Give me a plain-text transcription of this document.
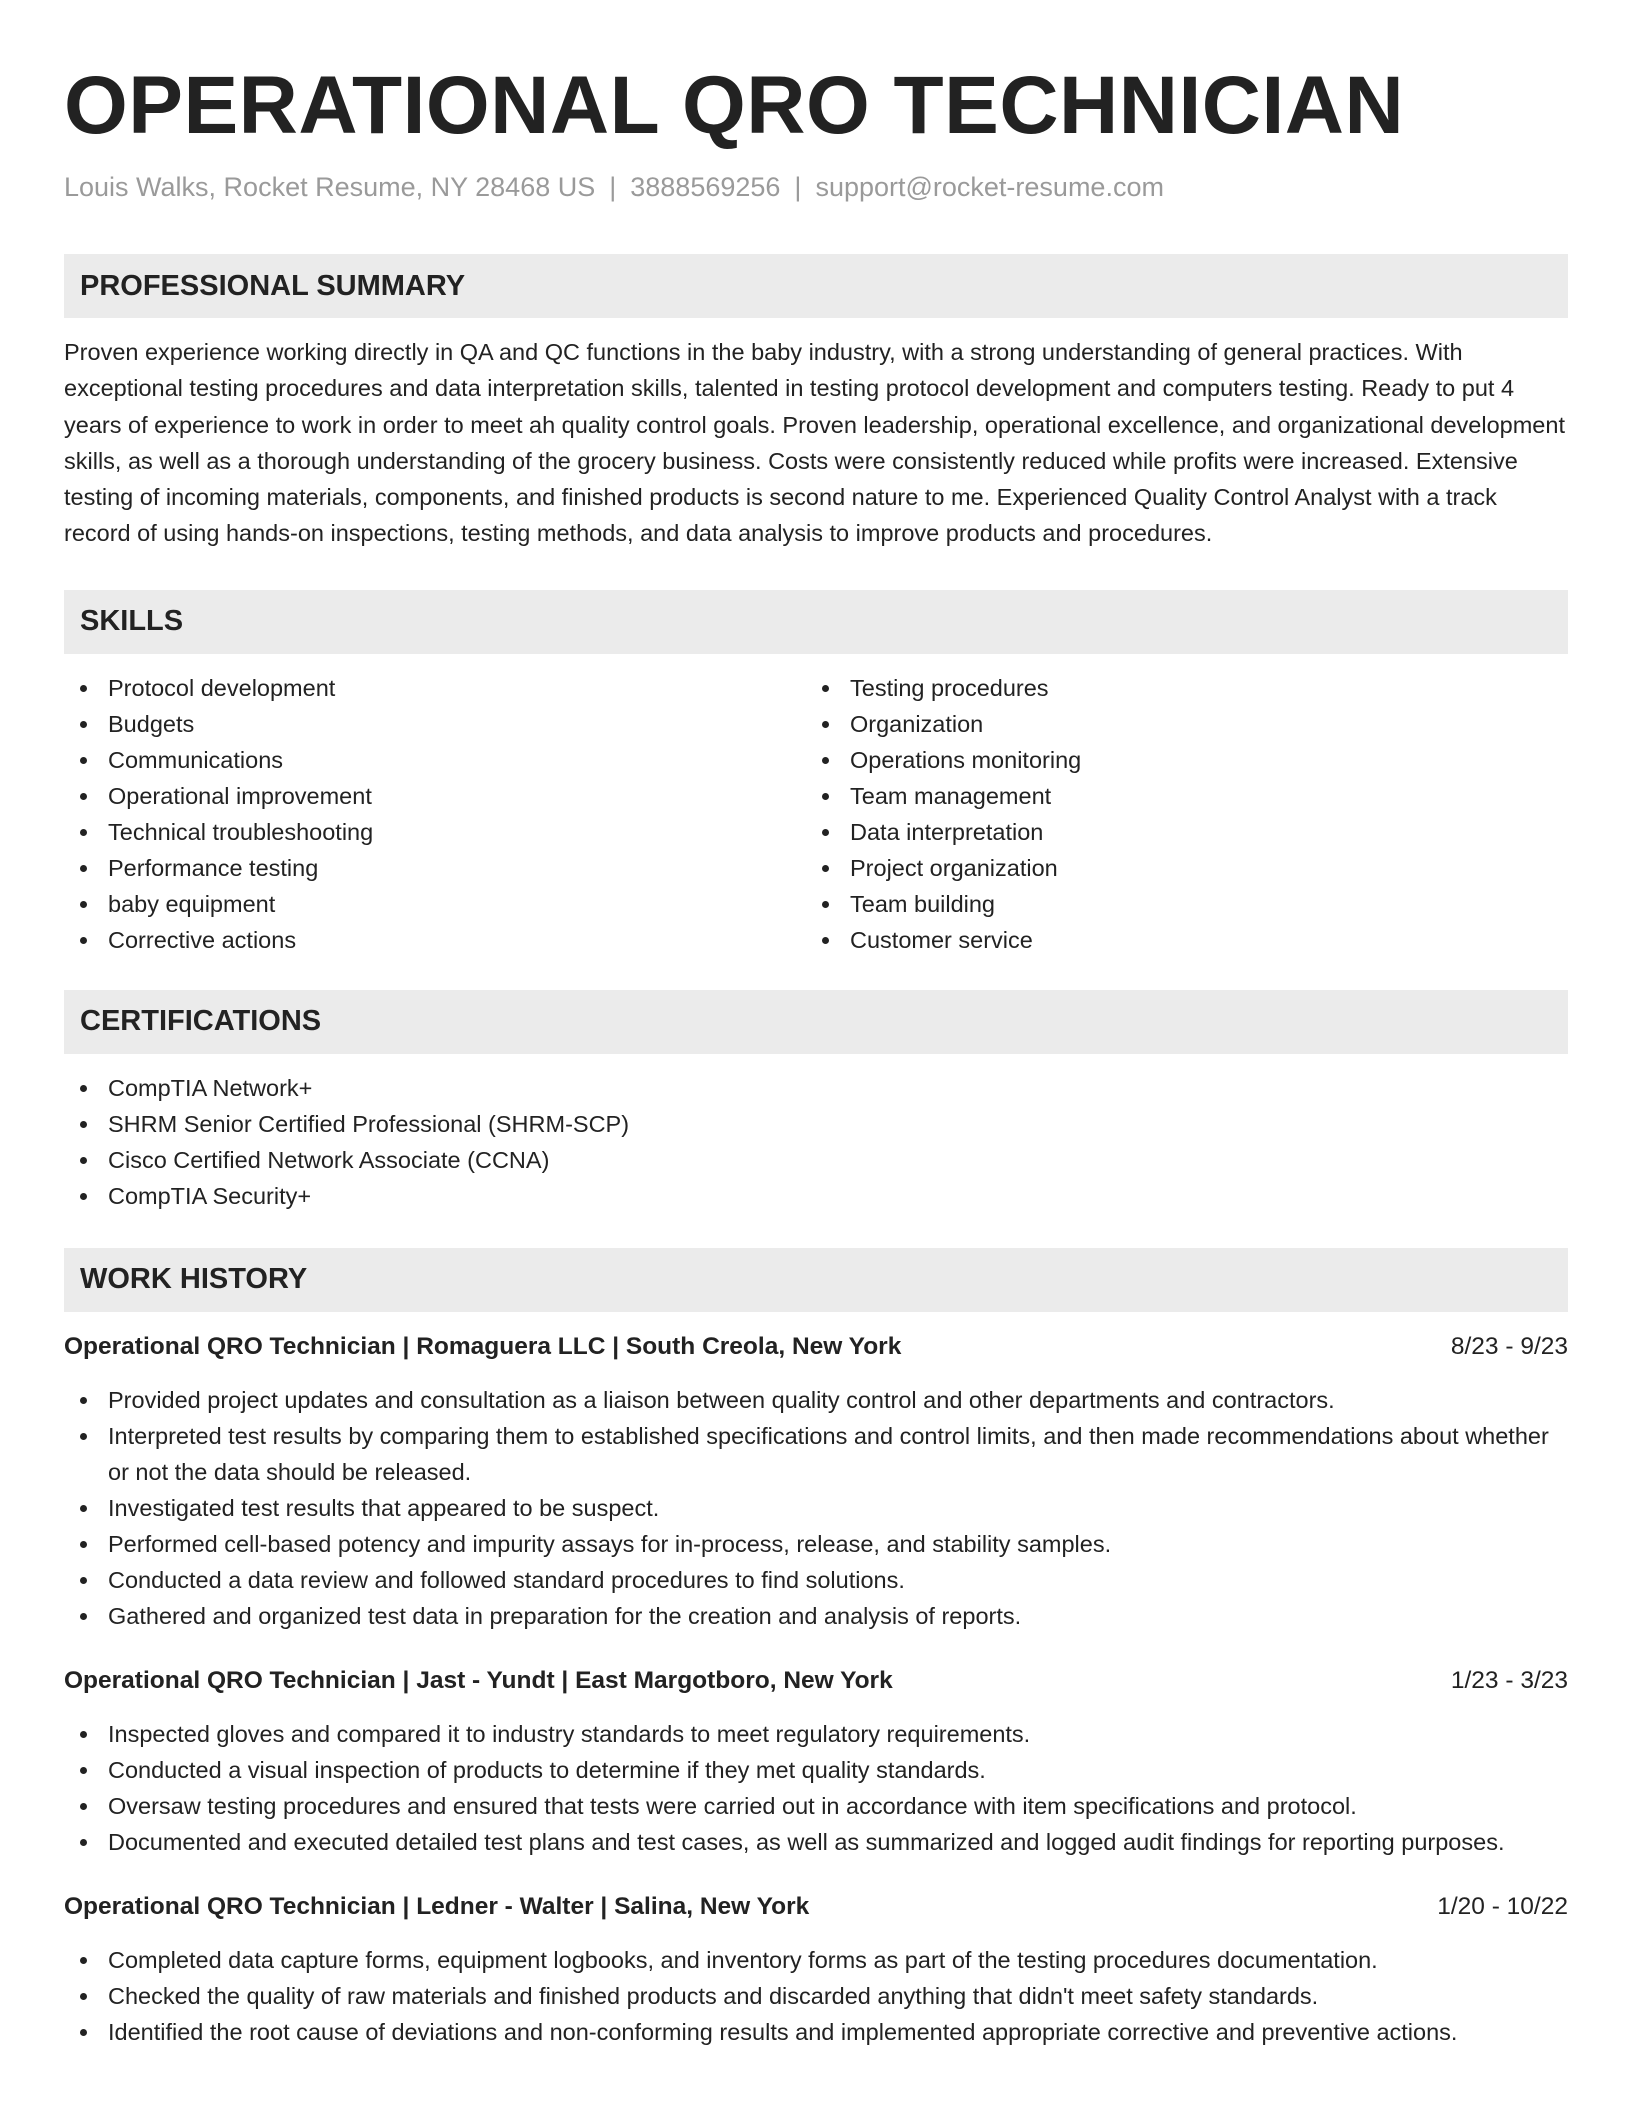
OPERATIONAL QRO TECHNICIAN
Louis Walks, Rocket Resume, NY 28468 US | 3888569256 | support@rocket-resume.com
PROFESSIONAL SUMMARY

Proven experience working directly in QA and QC functions in the baby industry, with a strong understanding of general practices. With exceptional testing procedures and data interpretation skills, talented in testing protocol development and computers testing. Ready to put 4 years of experience to work in order to meet ah quality control goals. Proven leadership, operational excellence, and organizational development skills, as well as a thorough understanding of the grocery business. Costs were consistently reduced while profits were increased. Extensive testing of incoming materials, components, and finished products is second nature to me. Experienced Quality Control Analyst with a track record of using hands-on inspections, testing methods, and data analysis to improve products and procedures.

SKILLS
Protocol development
Budgets
Communications
Operational improvement
Technical troubleshooting
Performance testing
baby equipment
Corrective actions
Testing procedures
Organization
Operations monitoring
Team management
Data interpretation
Project organization
Team building
Customer service
CERTIFICATIONS
CompTIA Network+
SHRM Senior Certified Professional (SHRM-SCP)
Cisco Certified Network Associate (CCNA)
CompTIA Security+
WORK HISTORY
Operational QRO Technician | Romaguera LLC | South Creola, New York	8/23 - 9/23
Provided project updates and consultation as a liaison between quality control and other departments and contractors.
Interpreted test results by comparing them to established specifications and control limits, and then made recommendations about whether or not the data should be released.
Investigated test results that appeared to be suspect.
Performed cell-based potency and impurity assays for in-process, release, and stability samples.
Conducted a data review and followed standard procedures to find solutions.
Gathered and organized test data in preparation for the creation and analysis of reports.
Operational QRO Technician | Jast - Yundt | East Margotboro, New York	1/23 - 3/23
Inspected gloves and compared it to industry standards to meet regulatory requirements.
Conducted a visual inspection of products to determine if they met quality standards.
Oversaw testing procedures and ensured that tests were carried out in accordance with item specifications and protocol.
Documented and executed detailed test plans and test cases, as well as summarized and logged audit findings for reporting purposes.
Operational QRO Technician | Ledner - Walter | Salina, New York	1/20 - 10/22
Completed data capture forms, equipment logbooks, and inventory forms as part of the testing procedures documentation.
Checked the quality of raw materials and finished products and discarded anything that didn't meet safety standards.
Identified the root cause of deviations and non-conforming results and implemented appropriate corrective and preventive actions.
